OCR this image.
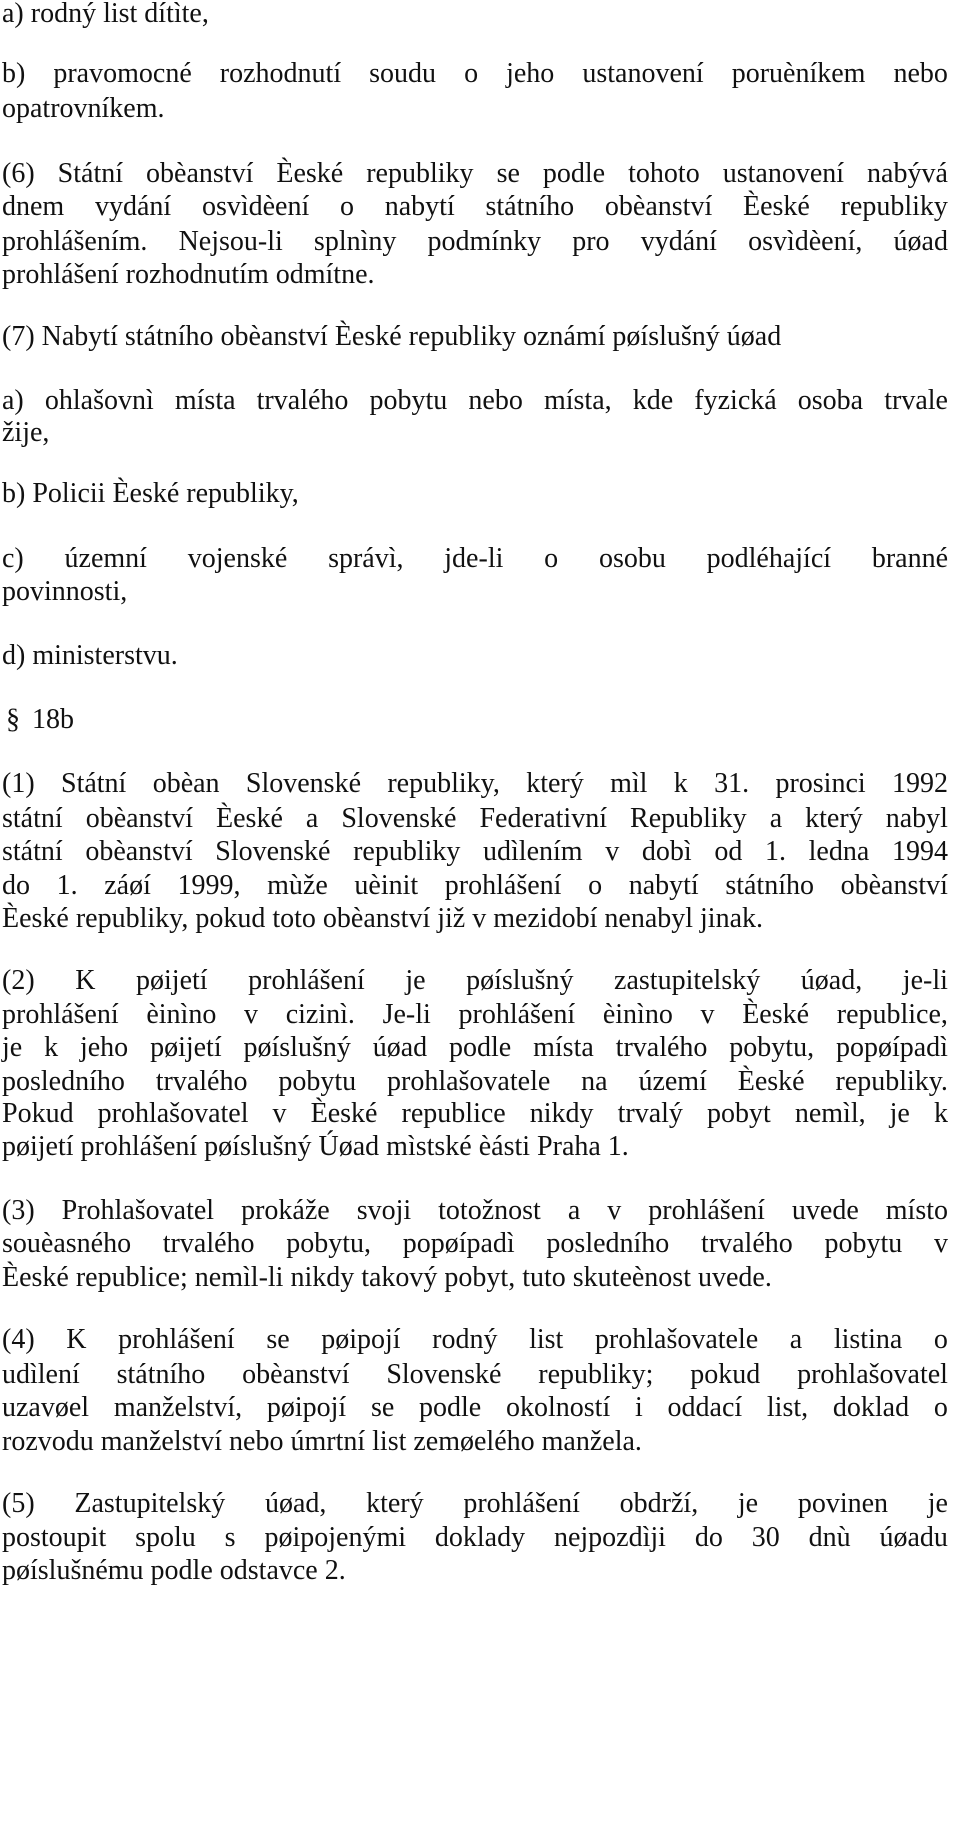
a) rodný list dítìte,
b) pravomocné rozhodnutí soudu o jeho ustanovení poruèníkem nebo
opatrovníkem.
(6) Státní obèanství Èeské republiky se podle tohoto ustanovení nabývá
dnem vydání osvìdèení o nabytí státního obèanství Èeské republiky
prohlášením. Nejsou-li splnìny podmínky pro vydání osvìdèení, úøad
prohlášení rozhodnutím odmítne.
(7) Nabytí státního obèanství Èeské republiky oznámí pøíslušný úøad
a) ohlašovnì místa trvalého pobytu nebo místa, kde fyzická osoba trvale
žije,
b) Policii Èeské republiky,
c) územní vojenské správì, jde-li o osobu podléhající branné
povinnosti,
d) ministerstvu.
(1) Státní obèan Slovenské republiky, který mìl k 31. prosinci 1992
státní obèanství Èeské a Slovenské Federativní Republiky a který nabyl
státní obèanství Slovenské republiky udìlením v dobì od 1. ledna 1994
do 1. záøí 1999, mùže uèinit prohlášení o nabytí státního obèanství
Èeské republiky, pokud toto obèanství již v mezidobí nenabyl jinak.
(2) K pøijetí prohlášení je pøíslušný zastupitelský úøad, je-li
prohlášení èinìno v cizinì. Je-li prohlášení èinìno v Èeské republice,
je k jeho pøijetí pøíslušný úøad podle místa trvalého pobytu, popøípadì
posledního trvalého pobytu prohlašovatele na území Èeské republiky.
Pokud prohlašovatel v Èeské republice nikdy trvalý pobyt nemìl, je k
pøijetí prohlášení pøíslušný Úøad mìstské èásti Praha 1.
(3) Prohlašovatel prokáže svoji totožnost a v prohlášení uvede místo
souèasného trvalého pobytu, popøípadì posledního trvalého pobytu v
Èeské republice; nemìl-li nikdy takový pobyt, tuto skuteènost uvede.
(4) K prohlášení se pøipojí rodný list prohlašovatele a listina o
udìlení státního obèanství Slovenské republiky; pokud prohlašovatel
uzavøel manželství, pøipojí se podle okolností i oddací list, doklad o
rozvodu manželství nebo úmrtní list zemøelého manžela.
(5) Zastupitelský úøad, který prohlášení obdrží, je povinen je
postoupit spolu s pøipojenými doklady nejpozdìji do 30 dnù úøadu
pøíslušnému podle odstavce 2.
§ 18b
